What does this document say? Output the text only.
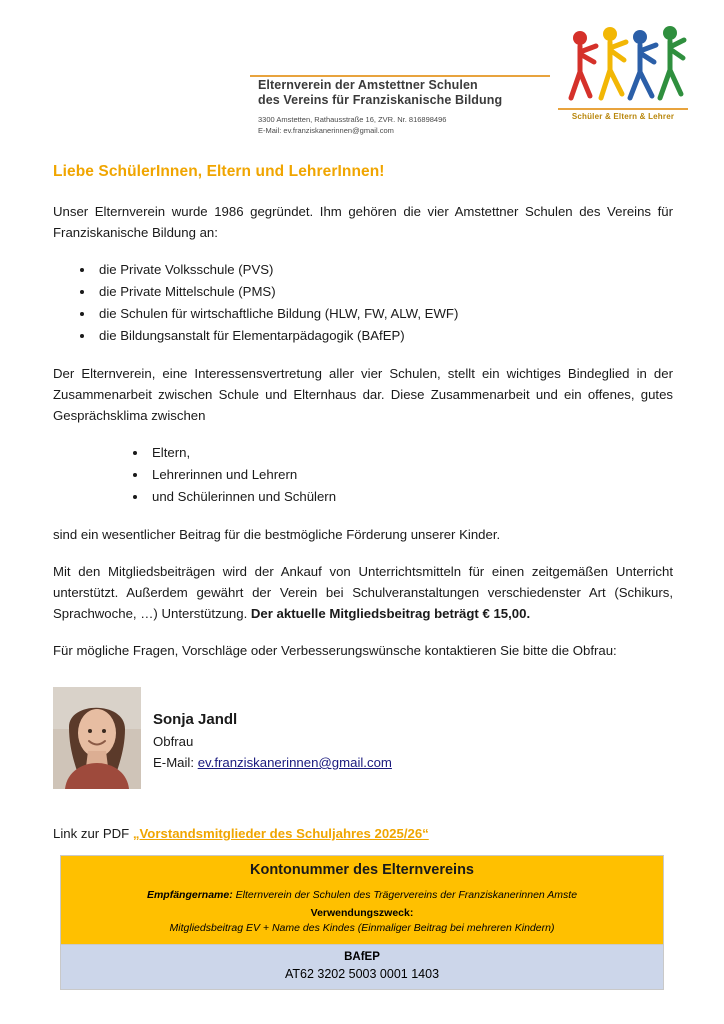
Elternverein der Amstettner Schulen
des Vereins für Franziskanische Bildung
3300 Amstetten, Rathausstraße 16, ZVR. Nr. 816898496
E-Mail: ev.franziskanerinnen@gmail.com
Schüler & Eltern & Lehrer
Liebe SchülerInnen, Eltern und LehrerInnen!

Unser Elternverein wurde 1986 gegründet. Ihm gehören die vier Amstettner Schulen des Vereins für Franziskanische Bildung an:

• die Private Volksschule (PVS)
• die Private Mittelschule (PMS)
• die Schulen für wirtschaftliche Bildung (HLW, FW, ALW, EWF)
• die Bildungsanstalt für Elementarpädagogik (BAfEP)

Der Elternverein, eine Interessensvertretung aller vier Schulen, stellt ein wichtiges Bindeglied in der Zusammenarbeit zwischen Schule und Elternhaus dar. Diese Zusammenarbeit und ein offenes, gutes Gesprächsklima zwischen

• Eltern,
• Lehrerinnen und Lehrern
• und Schülerinnen und Schülern

sind ein wesentlicher Beitrag für die bestmögliche Förderung unserer Kinder.

Mit den Mitgliedsbeiträgen wird der Ankauf von Unterrichtsmitteln für einen zeitgemäßen Unterricht unterstützt. Außerdem gewährt der Verein bei Schulveranstaltungen verschiedenster Art (Schikurs, Sprachwoche, …) Unterstützung. Der aktuelle Mitgliedsbeitrag beträgt € 15,00.

Für mögliche Fragen, Vorschläge oder Verbesserungswünsche kontaktieren Sie bitte die Obfrau:

Sonja Jandl
Obfrau
E-Mail: ev.franziskanerinnen@gmail.com
Link zur PDF „Vorstandsmitglieder des Schuljahres 2025/26“
Kontonummer des Elternvereins
Empfängername: Elternverein der Schulen des Trägervereins der Franziskanerinnen Amste
Verwendungszweck:
Mitgliedsbeitrag EV + Name des Kindes (Einmaliger Beitrag bei mehreren Kindern)
BAfEP
AT62 3202 5003 0001 1403
